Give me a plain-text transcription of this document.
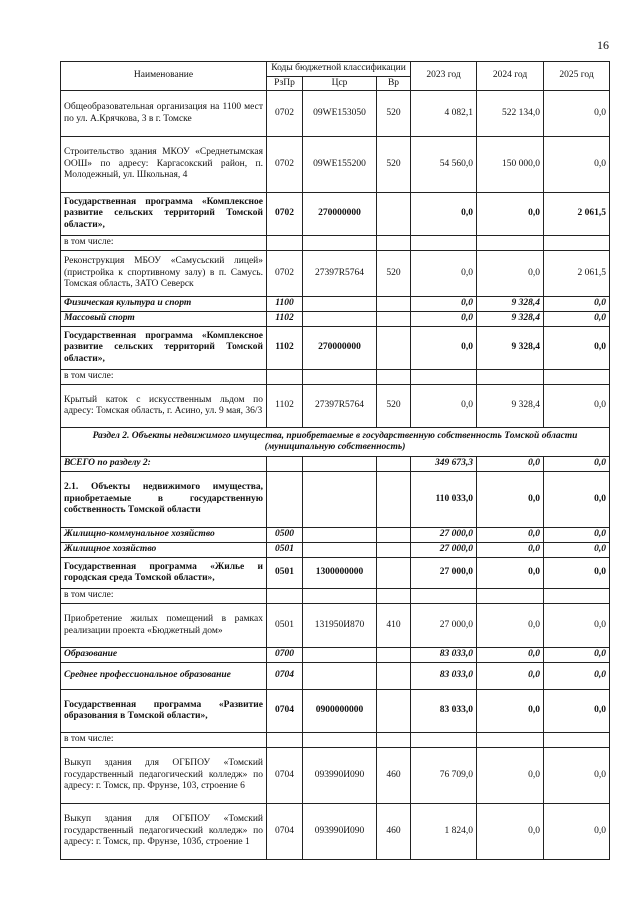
16
Наименование	Коды бюджетной классификации			2023 год	2024 год	2025 год
	РзПр	Цср	Вр			
Общеобразовательная организация на 1100 мест по ул. А.Крячкова, 3 в г. Томске	0702	09WE153050	520	4 082,1	522 134,0	0,0
Строительство здания МКОУ «Среднетымская ООШ» по адресу: Каргасокский район, п. Молодежный, ул. Школьная, 4	0702	09WE155200	520	54 560,0	150 000,0	0,0
Государственная программа «Комплексное развитие сельских территорий Томской области»,	0702	270000000		0,0	0,0	2 061,5
в том числе:						
Реконструкция МБОУ «Самусьский лицей» (пристройка к спортивному залу) в п. Самусь. Томская область, ЗАТО Северск	0702	27397R5764	520	0,0	0,0	2 061,5
Физическая культура и спорт	1100			0,0	9 328,4	0,0
Массовый спорт	1102			0,0	9 328,4	0,0
Государственная программа «Комплексное развитие сельских территорий Томской области»,	1102	270000000		0,0	9 328,4	0,0
в том числе:						
Крытый каток с искусственным льдом по адресу: Томская область, г. Асино, ул. 9 мая, 36/3	1102	27397R5764	520	0,0	9 328,4	0,0
Раздел 2. Объекты недвижимого имущества, приобретаемые в государственную собственность Томской области (муниципальную собственность)						
ВСЕГО по разделу 2:				349 673,3	0,0	0,0
2.1. Объекты недвижимого имущества, приобретаемые в государственную собственность Томской области				110 033,0	0,0	0,0
Жилищно-коммунальное хозяйство	0500			27 000,0	0,0	0,0
Жилищное хозяйство	0501			27 000,0	0,0	0,0
Государственная программа «Жилье и городская среда Томской области»,	0501	1300000000		27 000,0	0,0	0,0
в том числе:						
Приобретение жилых помещений в рамках реализации проекта «Бюджетный дом»	0501	131950И870	410	27 000,0	0,0	0,0
Образование	0700			83 033,0	0,0	0,0
Среднее профессиональное образование	0704			83 033,0	0,0	0,0
Государственная программа «Развитие образования в Томской области»,	0704	0900000000		83 033,0	0,0	0,0
в том числе:						
Выкуп здания для ОГБПОУ «Томский государственный педагогический колледж» по адресу: г. Томск, пр. Фрунзе, 103, строение 6	0704	093990И090	460	76 709,0	0,0	0,0
Выкуп здания для ОГБПОУ «Томский государственный педагогический колледж» по адресу: г. Томск, пр. Фрунзе, 103б, строение 1	0704	093990И090	460	1 824,0	0,0	0,0
